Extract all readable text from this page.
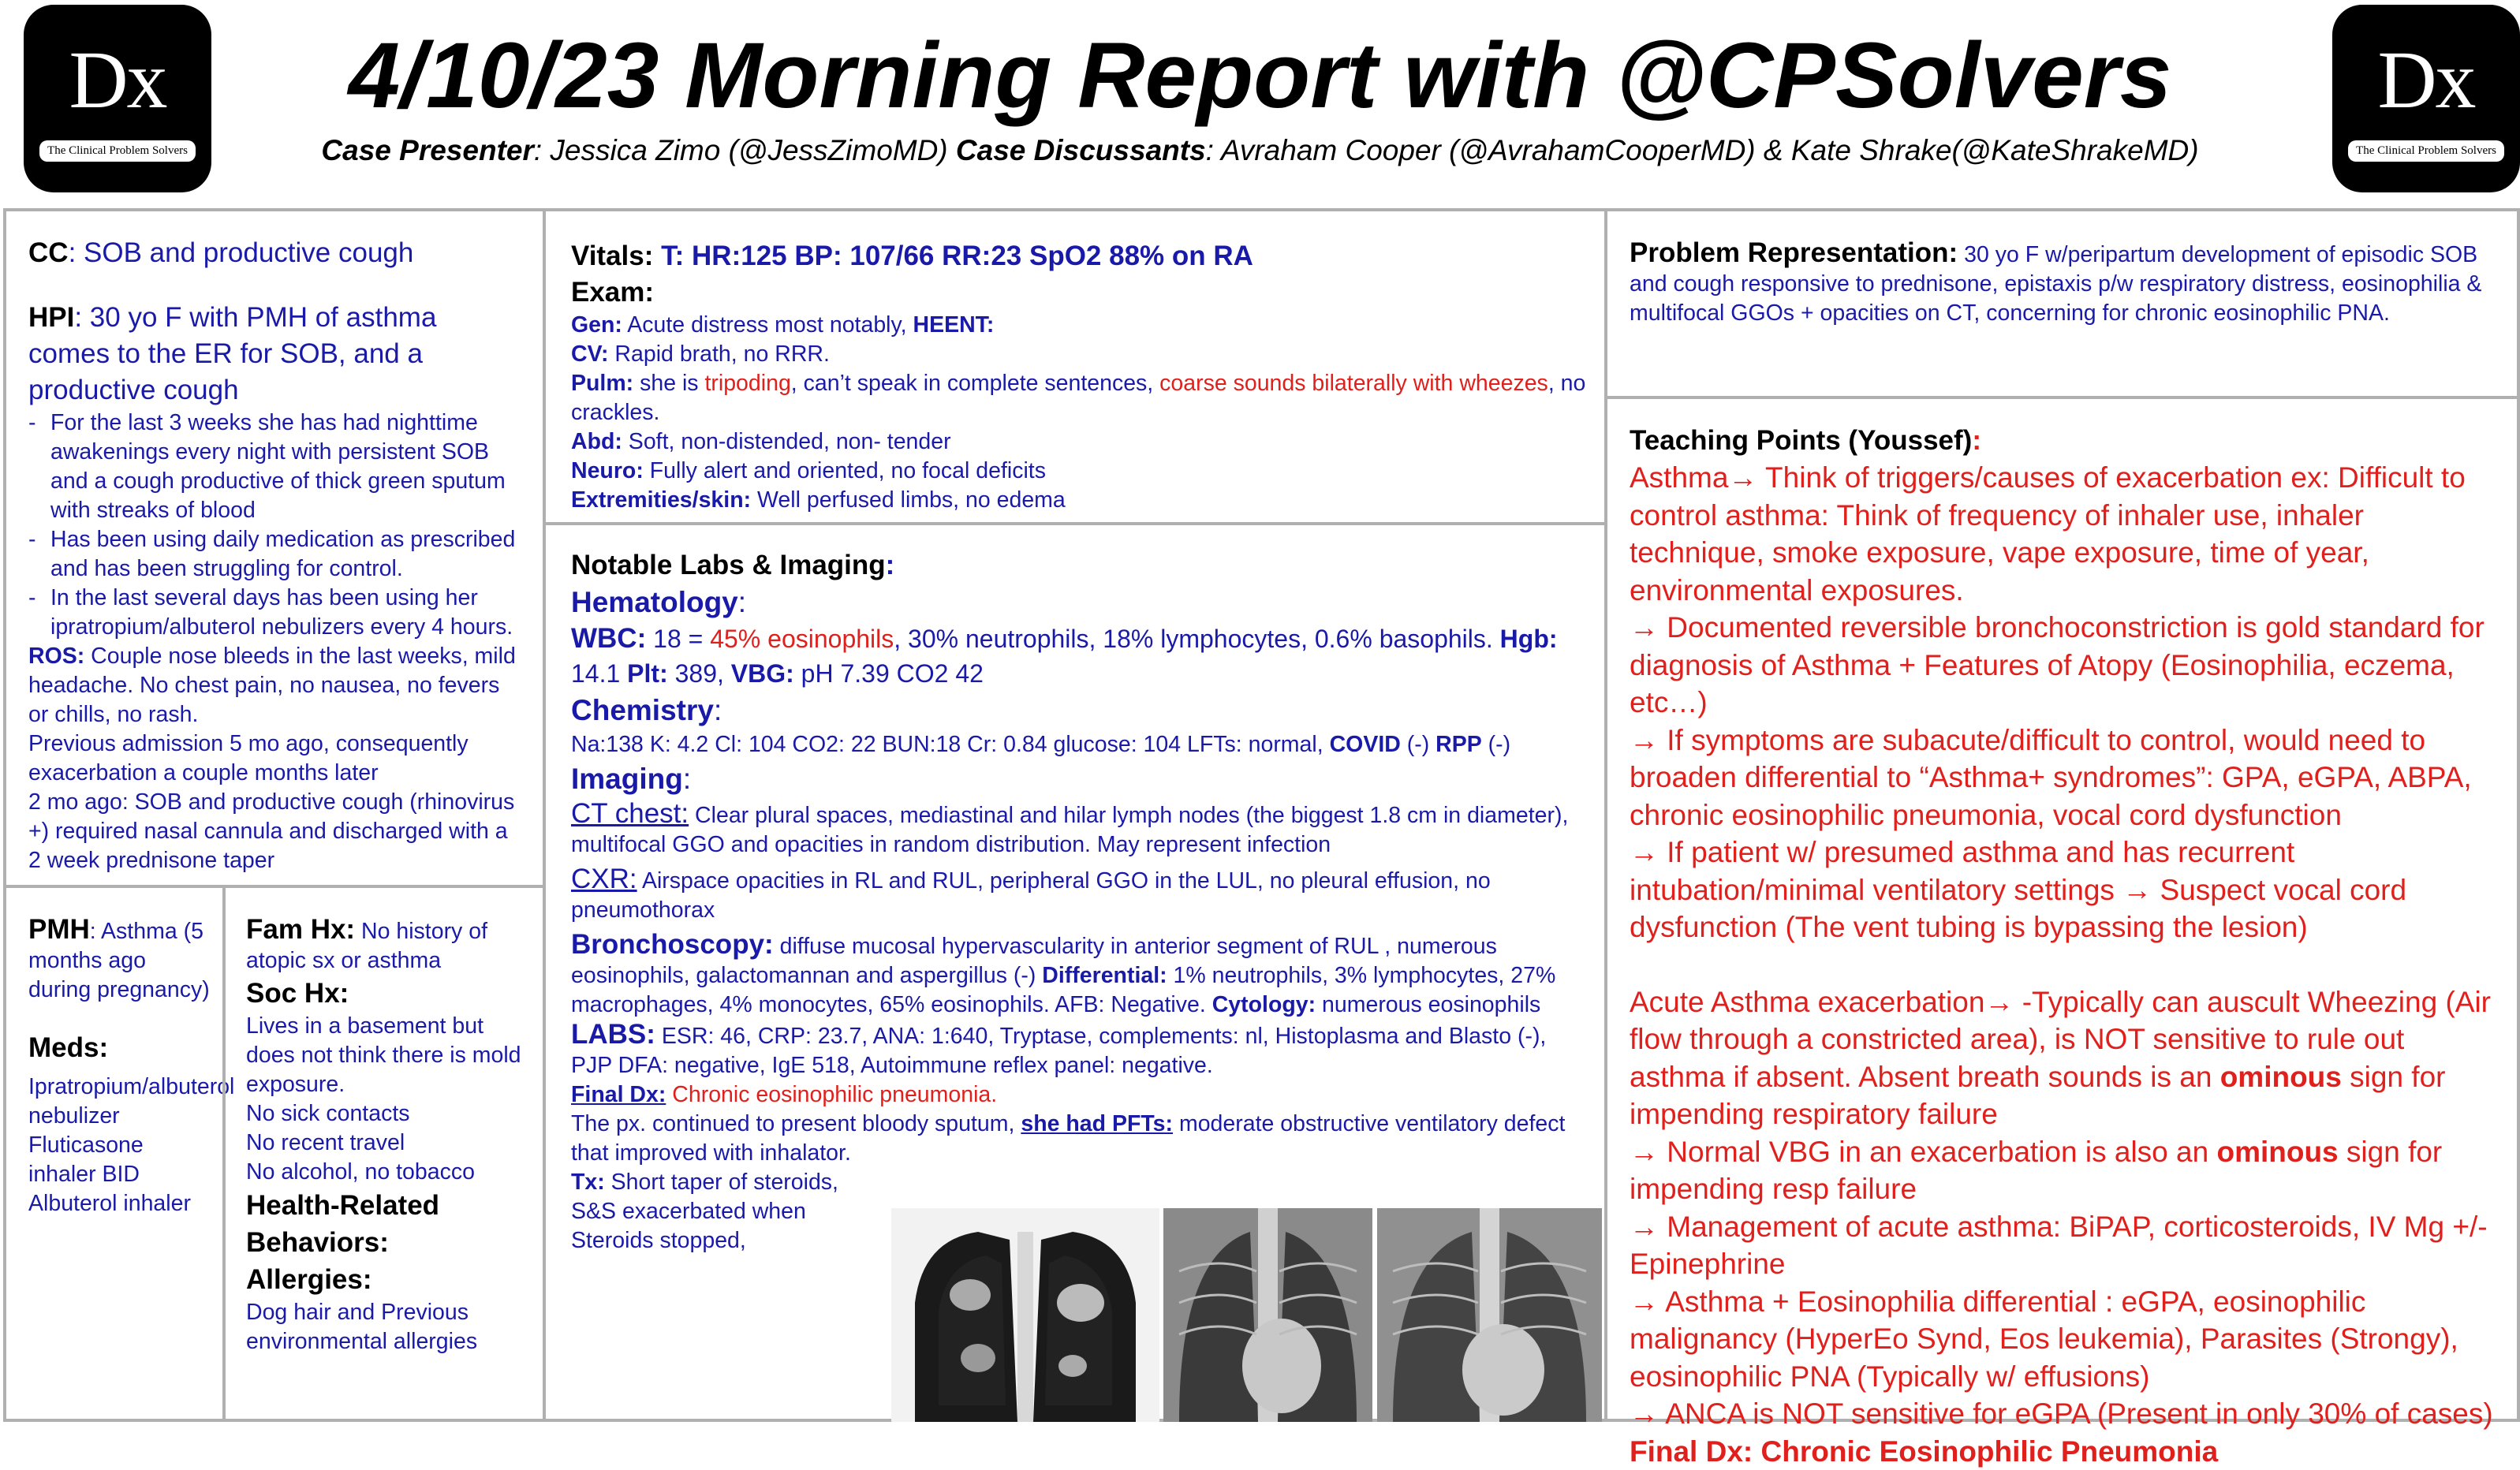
Dx
The Clinical Problem Solvers
Dx
The Clinical Problem Solvers
4/10/23 Morning Report with @CPSolvers
Case Presenter: Jessica Zimo (@JessZimoMD) Case Discussants: Avraham Cooper (@AvrahamCooperMD) & Kate Shrake(@KateShrakeMD)

CC: SOB and productive cough

HPI: 30 yo F with PMH of asthma comes to the ER for SOB, and a productive cough

- For the last 3 weeks she has had nighttime awakenings every night with persistent SOB and a cough productive of thick green sputum with streaks of blood
- Has been using daily medication as prescribed and has been struggling for control.
- In the last several days has been using her ipratropium/albuterol nebulizers every 4 hours.

ROS: Couple nose bleeds in the last weeks, mild headache. No chest pain, no nausea, no fevers or chills, no rash.

Previous admission 5 mo ago, consequently exacerbation a couple months later

2 mo ago: SOB and productive cough (rhinovirus +) required nasal cannula and discharged with a 2 week prednisone taper

PMH: Asthma (5 months ago during pregnancy)

Meds:

Ipratropium/albuterol nebulizer

Fluticasone inhaler BID

Albuterol inhaler

Fam Hx: No history of atopic sx or asthma

Soc Hx:

Lives in a basement but does not think there is mold exposure.

No sick contacts

No recent travel

No alcohol, no tobacco

Health-Related Behaviors:

Allergies:

Dog hair and Previous environmental allergies

Vitals: T: HR:125 BP: 107/66 RR:23 SpO2 88% on RA

Exam:

Gen: Acute distress most notably, HEENT:

CV: Rapid brath, no RRR.

Pulm: she is tripoding, can’t speak in complete sentences, coarse sounds bilaterally with wheezes, no crackles.

Abd: Soft, non-distended, non- tender

Neuro: Fully alert and oriented, no focal deficits

Extremities/skin: Well perfused limbs, no edema

Notable Labs & Imaging:

Hematology:

WBC: 18 = 45% eosinophils, 30% neutrophils, 18% lymphocytes, 0.6% basophils. Hgb: 14.1 Plt: 389, VBG: pH 7.39 CO2 42

Chemistry:

Na:138 K: 4.2 Cl: 104 CO2: 22 BUN:18 Cr: 0.84 glucose: 104 LFTs: normal, COVID (-) RPP (-)

Imaging:

CT chest: Clear plural spaces, mediastinal and hilar lymph nodes (the biggest 1.8 cm in diameter), multifocal GGO and opacities in random distribution. May represent infection

CXR: Airspace opacities in RL and RUL, peripheral GGO in the LUL, no pleural effusion, no pneumothorax

Bronchoscopy: diffuse mucosal hypervascularity in anterior segment of RUL , numerous eosinophils, galactomannan and aspergillus (-) Differential: 1% neutrophils, 3% lymphocytes, 27% macrophages, 4% monocytes, 65% eosinophils. AFB: Negative. Cytology: numerous eosinophils

LABS: ESR: 46, CRP: 23.7, ANA: 1:640, Tryptase, complements: nl, Histoplasma and Blasto (-), PJP DFA: negative, IgE 518, Autoimmune reflex panel: negative.

Final Dx: Chronic eosinophilic pneumonia.

The px. continued to present bloody sputum, she had PFTs: moderate obstructive ventilatory defect that improved with inhalator.

Tx: Short taper of steroids, S&S exacerbated when Steroids stopped,

Problem Representation: 30 yo F w/peripartum development of episodic SOB and cough responsive to prednisone, epistaxis p/w respiratory distress, eosinophilia & multifocal GGOs + opacities on CT, concerning for chronic eosinophilic PNA.

Teaching Points (Youssef):

Asthma→ Think of triggers/causes of exacerbation ex: Difficult to control asthma: Think of frequency of inhaler use, inhaler technique, smoke exposure, vape exposure, time of year, environmental exposures.

→ Documented reversible bronchoconstriction is gold standard for diagnosis of Asthma + Features of Atopy (Eosinophilia, eczema, etc…)

→ If symptoms are subacute/difficult to control, would need to broaden differential to “Asthma+ syndromes”: GPA, eGPA, ABPA, chronic eosinophilic pneumonia, vocal cord dysfunction

→ If patient w/ presumed asthma and has recurrent intubation/minimal ventilatory settings → Suspect vocal cord dysfunction (The vent tubing is bypassing the lesion)

Acute Asthma exacerbation→ -Typically can auscult Wheezing (Air flow through a constricted area), is NOT sensitive to rule out asthma if absent. Absent breath sounds is an ominous sign for impending respiratory failure

→ Normal VBG in an exacerbation is also an ominous sign for impending resp failure

→ Management of acute asthma: BiPAP, corticosteroids, IV Mg +/- Epinephrine

→ Asthma + Eosinophilia differential : eGPA, eosinophilic malignancy (HyperEo Synd, Eos leukemia), Parasites (Strongy), eosinophilic PNA (Typically w/ effusions)

→ ANCA is NOT sensitive for eGPA (Present in only 30% of cases)

Final Dx: Chronic Eosinophilic Pneumonia
